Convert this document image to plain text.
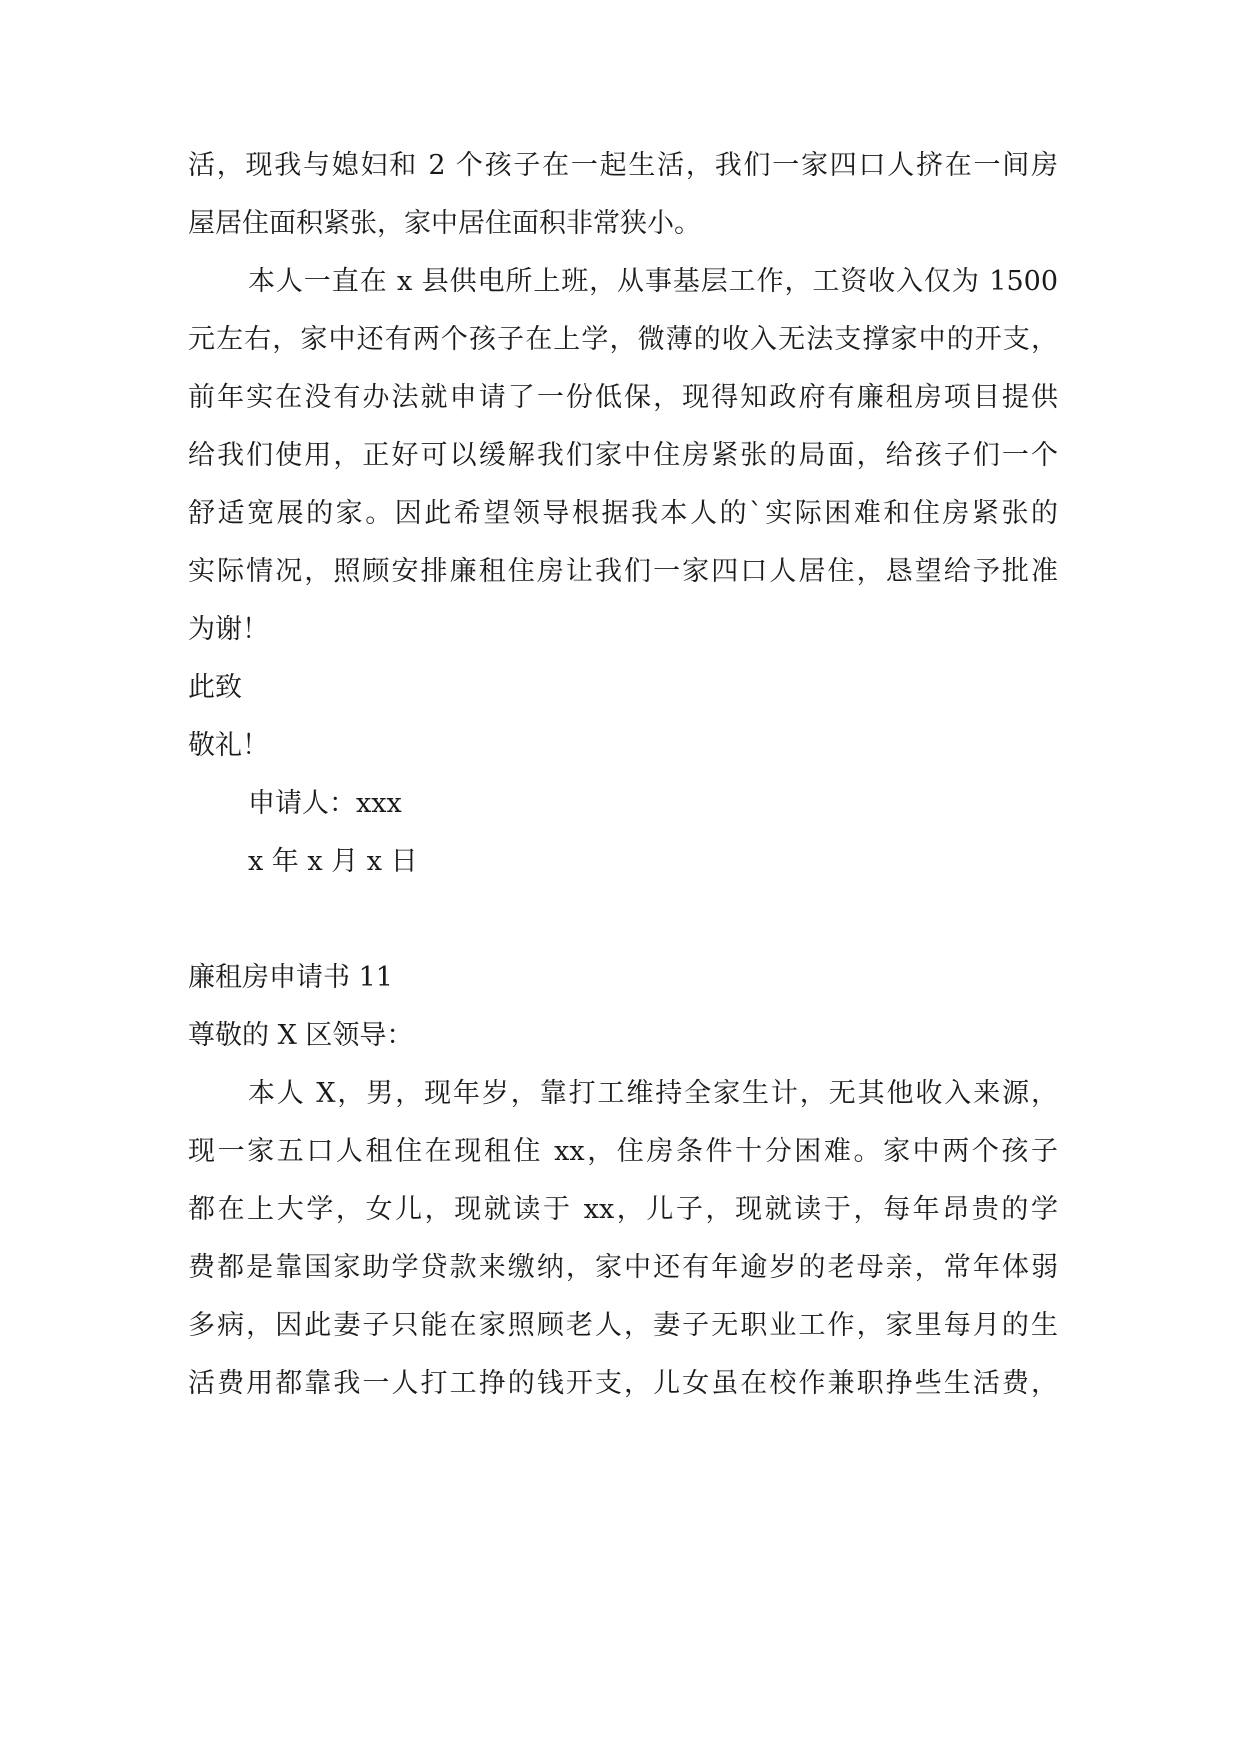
活，现我与媳妇和 2 个孩子在一起生活，我们一家四口人挤在一间房
屋居住面积紧张，家中居住面积非常狭小。
本人一直在 x 县供电所上班，从事基层工作，工资收入仅为 1500
元左右，家中还有两个孩子在上学，微薄的收入无法支撑家中的开支，
前年实在没有办法就申请了一份低保，现得知政府有廉租房项目提供
给我们使用，正好可以缓解我们家中住房紧张的局面，给孩子们一个
舒适宽展的家。因此希望领导根据我本人的`实际困难和住房紧张的
实际情况，照顾安排廉租住房让我们一家四口人居住，恳望给予批准
为谢！
此致
敬礼！
申请人：xxx
x 年 x 月 x 日
廉租房申请书 11
尊敬的 X 区领导：
本人 X，男，现年岁，靠打工维持全家生计，无其他收入来源，
现一家五口人租住在现租住 xx，住房条件十分困难。家中两个孩子
都在上大学，女儿，现就读于 xx，儿子，现就读于，每年昂贵的学
费都是靠国家助学贷款来缴纳，家中还有年逾岁的老母亲，常年体弱
多病，因此妻子只能在家照顾老人，妻子无职业工作，家里每月的生
活费用都靠我一人打工挣的钱开支，儿女虽在校作兼职挣些生活费，
